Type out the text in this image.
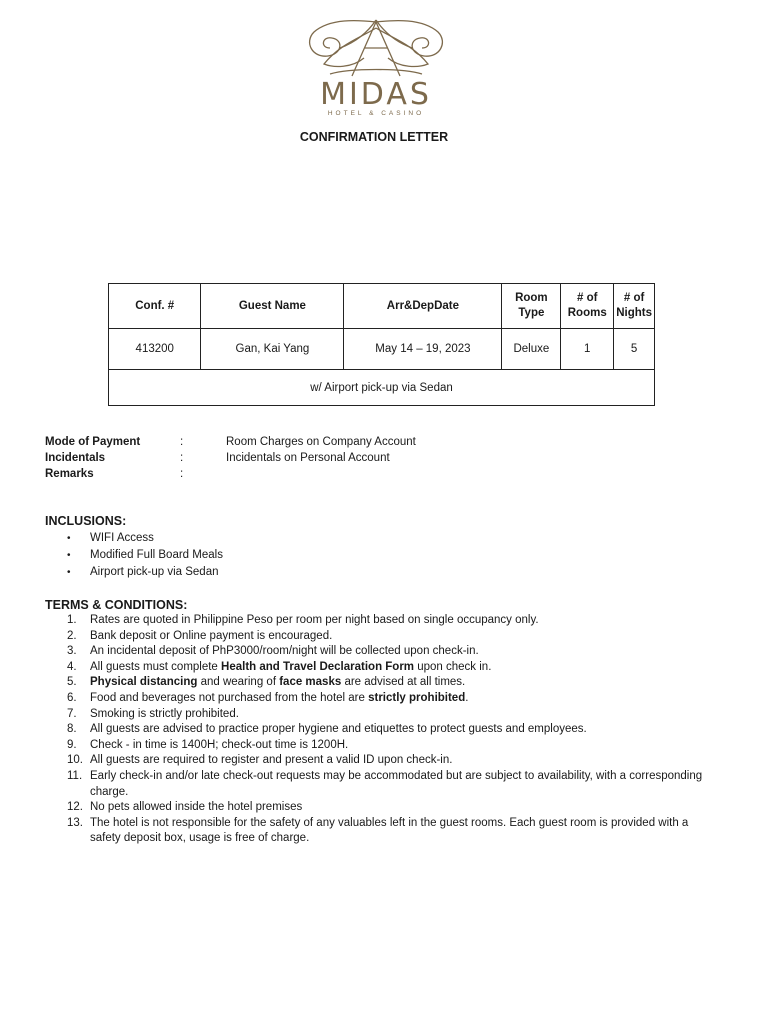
MIDAS
HOTEL & CASINO
CONFIRMATION LETTER
Conf. #	Guest Name	Arr&DepDate	Room Type	# of Rooms	# of Nights
413200	Gan, Kai Yang	May 14 – 19, 2023	Deluxe	1	5
w/ Airport pick-up via Sedan					
Mode of Payment	:	Room Charges on Company Account
Incidentals	:	Incidentals on Personal Account
Remarks	:
INCLUSIONS:
• WIFI Access
• Modified Full Board Meals
• Airport pick-up via Sedan
TERMS & CONDITIONS:
1. Rates are quoted in Philippine Peso per room per night based on single occupancy only.
2. Bank deposit or Online payment is encouraged.
3. An incidental deposit of PhP3000/room/night will be collected upon check-in.
4. All guests must complete Health and Travel Declaration Form upon check in.
5. Physical distancing and wearing of face masks are advised at all times.
6. Food and beverages not purchased from the hotel are strictly prohibited.
7. Smoking is strictly prohibited.
8. All guests are advised to practice proper hygiene and etiquettes to protect guests and employees.
9. Check - in time is 1400H; check-out time is 1200H.
10. All guests are required to register and present a valid ID upon check-in.
11. Early check-in and/or late check-out requests may be accommodated but are subject to availability, with a corresponding charge.
12. No pets allowed inside the hotel premises
13. The hotel is not responsible for the safety of any valuables left in the guest rooms. Each guest room is provided with a safety deposit box, usage is free of charge.
